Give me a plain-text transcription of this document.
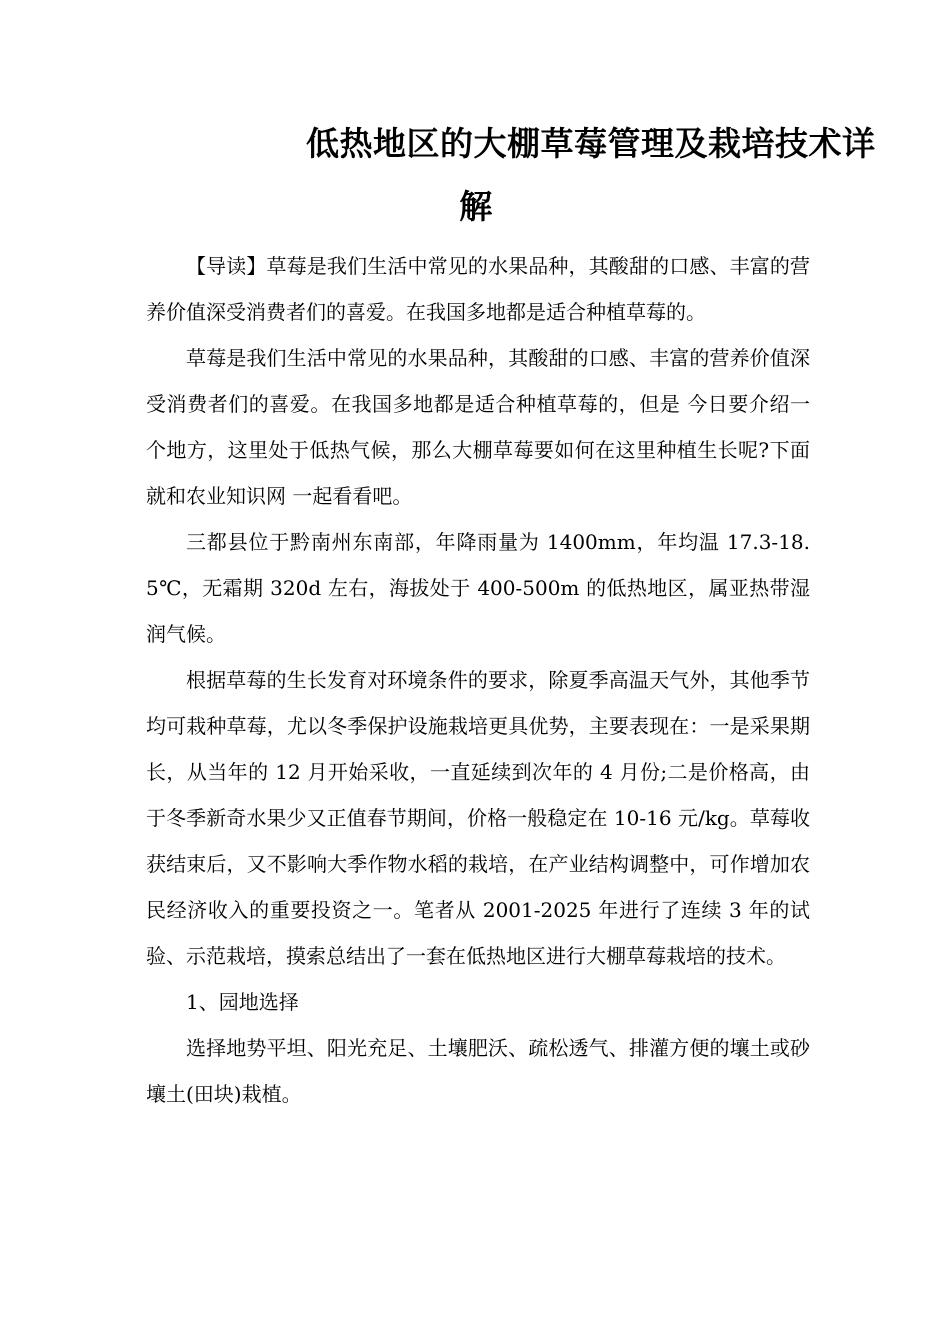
低热地区的大棚草莓管理及栽培技术详
解

【导读】草莓是我们生活中常见的水果品种，其酸甜的口感、丰富的营养价值深受消费者们的喜爱。在我国多地都是适合种植草莓的。

草莓是我们生活中常见的水果品种，其酸甜的口感、丰富的营养价值深受消费者们的喜爱。在我国多地都是适合种植草莓的，但是 今日要介绍一个地方，这里处于低热气候，那么大棚草莓要如何在这里种植生长呢?下面就和农业知识网 一起看看吧。

三都县位于黔南州东南部，年降雨量为 1400mm，年均温 17.3-18.5℃，无霜期 320d 左右，海拔处于 400-500m 的低热地区，属亚热带湿润气候。

根据草莓的生长发育对环境条件的要求，除夏季高温天气外，其他季节均可栽种草莓，尤以冬季保护设施栽培更具优势，主要表现在：一是采果期长，从当年的 12 月开始采收，一直延续到次年的 4 月份;二是价格高，由于冬季新奇水果少又正值春节期间，价格一般稳定在 10-16 元/kg。草莓收获结束后，又不影响大季作物水稻的栽培，在产业结构调整中，可作增加农民经济收入的重要投资之一。笔者从 2001-2025 年进行了连续 3 年的试验、示范栽培，摸索总结出了一套在低热地区进行大棚草莓栽培的技术。

1、园地选择

选择地势平坦、阳光充足、土壤肥沃、疏松透气、排灌方便的壤土或砂壤土(田块)栽植。
